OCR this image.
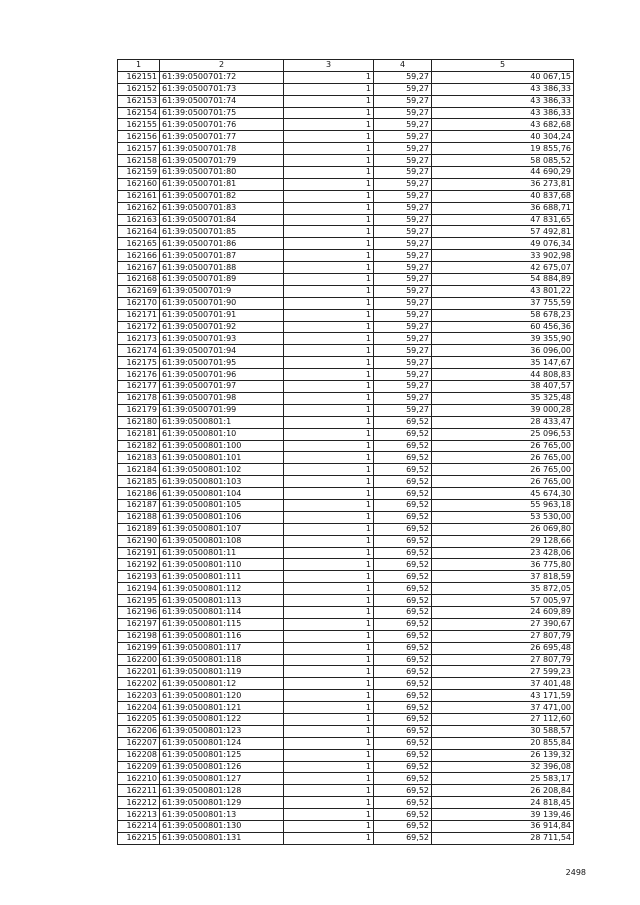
1	2	3	4	5
162151	61:39:0500701:72	1	59,27	40 067,15
162152	61:39:0500701:73	1	59,27	43 386,33
162153	61:39:0500701:74	1	59,27	43 386,33
162154	61:39:0500701:75	1	59,27	43 386,33
162155	61:39:0500701:76	1	59,27	43 682,68
162156	61:39:0500701:77	1	59,27	40 304,24
162157	61:39:0500701:78	1	59,27	19 855,76
162158	61:39:0500701:79	1	59,27	58 085,52
162159	61:39:0500701:80	1	59,27	44 690,29
162160	61:39:0500701:81	1	59,27	36 273,81
162161	61:39:0500701:82	1	59,27	40 837,68
162162	61:39:0500701:83	1	59,27	36 688,71
162163	61:39:0500701:84	1	59,27	47 831,65
162164	61:39:0500701:85	1	59,27	57 492,81
162165	61:39:0500701:86	1	59,27	49 076,34
162166	61:39:0500701:87	1	59,27	33 902,98
162167	61:39:0500701:88	1	59,27	42 675,07
162168	61:39:0500701:89	1	59,27	54 884,89
162169	61:39:0500701:9	1	59,27	43 801,22
162170	61:39:0500701:90	1	59,27	37 755,59
162171	61:39:0500701:91	1	59,27	58 678,23
162172	61:39:0500701:92	1	59,27	60 456,36
162173	61:39:0500701:93	1	59,27	39 355,90
162174	61:39:0500701:94	1	59,27	36 096,00
162175	61:39:0500701:95	1	59,27	35 147,67
162176	61:39:0500701:96	1	59,27	44 808,83
162177	61:39:0500701:97	1	59,27	38 407,57
162178	61:39:0500701:98	1	59,27	35 325,48
162179	61:39:0500701:99	1	59,27	39 000,28
162180	61:39:0500801:1	1	69,52	28 433,47
162181	61:39:0500801:10	1	69,52	25 096,53
162182	61:39:0500801:100	1	69,52	26 765,00
162183	61:39:0500801:101	1	69,52	26 765,00
162184	61:39:0500801:102	1	69,52	26 765,00
162185	61:39:0500801:103	1	69,52	26 765,00
162186	61:39:0500801:104	1	69,52	45 674,30
162187	61:39:0500801:105	1	69,52	55 963,18
162188	61:39:0500801:106	1	69,52	53 530,00
162189	61:39:0500801:107	1	69,52	26 069,80
162190	61:39:0500801:108	1	69,52	29 128,66
162191	61:39:0500801:11	1	69,52	23 428,06
162192	61:39:0500801:110	1	69,52	36 775,80
162193	61:39:0500801:111	1	69,52	37 818,59
162194	61:39:0500801:112	1	69,52	35 872,05
162195	61:39:0500801:113	1	69,52	57 005,97
162196	61:39:0500801:114	1	69,52	24 609,89
162197	61:39:0500801:115	1	69,52	27 390,67
162198	61:39:0500801:116	1	69,52	27 807,79
162199	61:39:0500801:117	1	69,52	26 695,48
162200	61:39:0500801:118	1	69,52	27 807,79
162201	61:39:0500801:119	1	69,52	27 599,23
162202	61:39:0500801:12	1	69,52	37 401,48
162203	61:39:0500801:120	1	69,52	43 171,59
162204	61:39:0500801:121	1	69,52	37 471,00
162205	61:39:0500801:122	1	69,52	27 112,60
162206	61:39:0500801:123	1	69,52	30 588,57
162207	61:39:0500801:124	1	69,52	20 855,84
162208	61:39:0500801:125	1	69,52	26 139,32
162209	61:39:0500801:126	1	69,52	32 396,08
162210	61:39:0500801:127	1	69,52	25 583,17
162211	61:39:0500801:128	1	69,52	26 208,84
162212	61:39:0500801:129	1	69,52	24 818,45
162213	61:39:0500801:13	1	69,52	39 139,46
162214	61:39:0500801:130	1	69,52	36 914,84
162215	61:39:0500801:131	1	69,52	28 711,54
2498
